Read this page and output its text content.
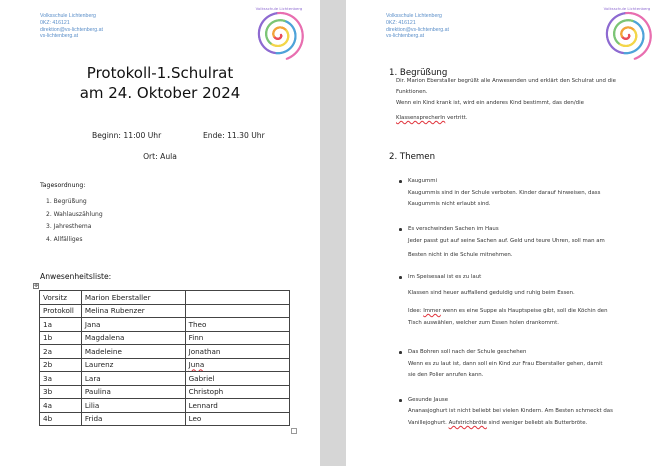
Volksschule Lichtenberg
0KZ: 416121
direktion@vs-lichtenberg.at
vs-lichtenberg.at
Volksschule Lichtenberg
Protokoll-1.Schulrat
am 24. Oktober 2024
Beginn: 11:00 Uhr	Ende: 11.30 Uhr
Ort: Aula
Tagesordnung:
1. Begrüßung
2. Wahlauszählung
3. Jahresthema
4. Allfälliges
Anwesenheitsliste:
✥
Vorsitz	Marion Eberstaller	
Protokoll	Melina Rubenzer	
1a	Jana	Theo
1b	Magdalena	Finn
2a	Madeleine	Jonathan
2b	Laurenz	Juna
3a	Lara	Gabriel
3b	Paulina	Christoph
4a	Lilia	Lennard
4b	Frida	Leo
Volksschule Lichtenberg
0KZ: 416121
direktion@vs-lichtenberg.at
vs-lichtenberg.at
Volksschule Lichtenberg
1. Begrüßung
Dir. Marion Eberstaller begrüßt alle Anwesenden und erklärt den Schulrat und die
Funktionen.
Wenn ein Kind krank ist, wird ein anderes Kind bestimmt, das den/die
KlassensprecherIn vertritt.
2. Themen
Kaugummi
Kaugummis sind in der Schule verboten. Kinder darauf hinweisen, dass
Kaugummis nicht erlaubt sind.
Es verschwinden Sachen im Haus
Jeder passt gut auf seine Sachen auf. Geld und teure Uhren, soll man am
Besten nicht in die Schule mitnehmen.
Im Speisesaal ist es zu laut
Klassen sind heuer auffallend geduldig und ruhig beim Essen.
Idee: Immer wenn es eine Suppe als Hauptspeise gibt, soll die Köchin den
Tisch auswählen, welcher zum Essen holen drankommt.
Das Bohren soll nach der Schule geschehen
Wenn es zu laut ist, dann soll ein Kind zur Frau Eberstaller gehen, damit
sie den Polier anrufen kann.
Gesunde Jause
Ananasjoghurt ist nicht beliebt bei vielen Kindern. Am Besten schmeckt das
Vanillejoghurt. Aufstrichbröte sind weniger beliebt als Butterbröte.
